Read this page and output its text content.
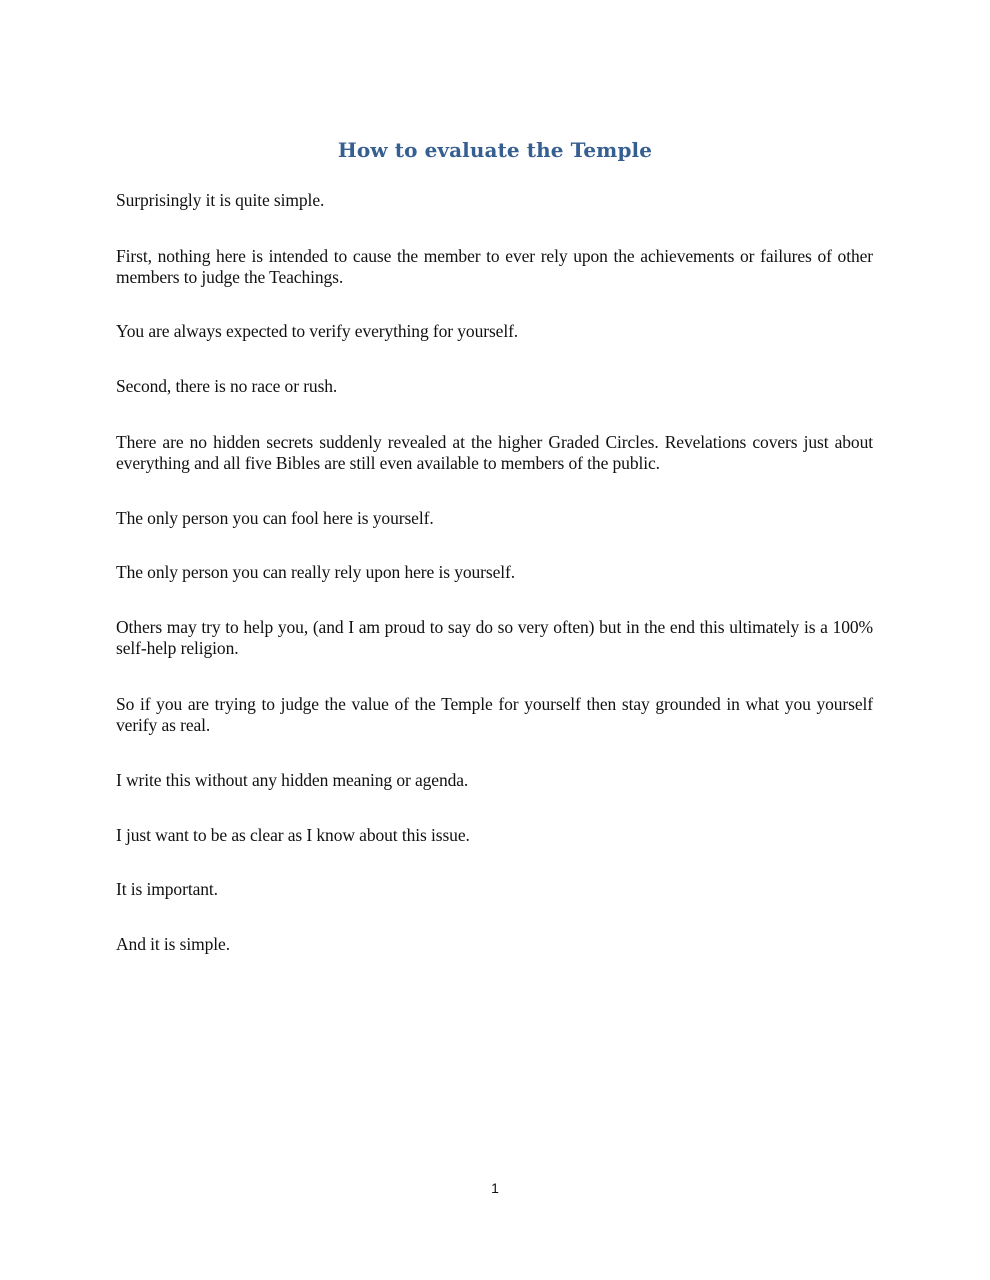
How to evaluate the Temple

Surprisingly it is quite simple.

First, nothing here is intended to cause the member to ever rely upon the achievements or failures of other members to judge the Teachings.

You are always expected to verify everything for yourself.

Second, there is no race or rush.

There are no hidden secrets suddenly revealed at the higher Graded Circles. Revelations covers just about everything and all five Bibles are still even available to members of the public.

The only person you can fool here is yourself.

The only person you can really rely upon here is yourself.

Others may try to help you, (and I am proud to say do so very often) but in the end this ultimately is a 100% self-help religion.

So if you are trying to judge the value of the Temple for yourself then stay grounded in what you yourself verify as real.

I write this without any hidden meaning or agenda.

I just want to be as clear as I know about this issue.

It is important.

And it is simple.

1
